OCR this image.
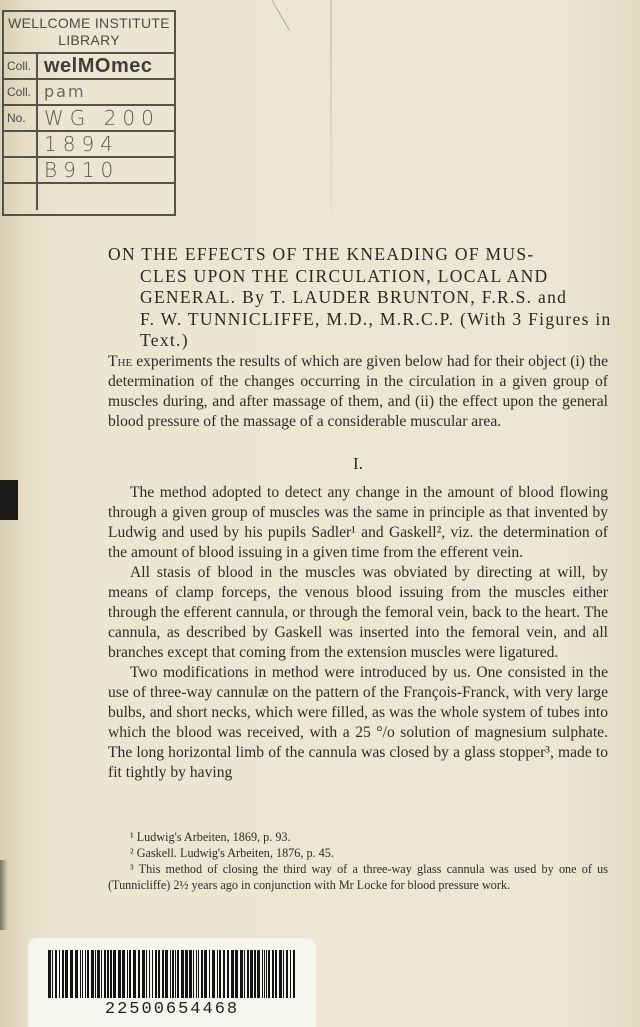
WELLCOME INSTITUTE
LIBRARY
Coll. welMOmec
Coll. pam
No. WG 200
1894
B910
ON THE EFFECTS OF THE KNEADING OF MUS-
CLES UPON THE CIRCULATION, LOCAL AND
GENERAL. By T. LAUDER BRUNTON, F.R.S. and
F. W. TUNNICLIFFE, M.D., M.R.C.P. (With 3 Figures in
Text.)

The experiments the results of which are given below had for their object (i) the determination of the changes occurring in the circulation in a given group of muscles during, and after massage of them, and (ii) the effect upon the general blood pressure of the massage of a considerable muscular area.

I.

The method adopted to detect any change in the amount of blood flowing through a given group of muscles was the same in principle as that invented by Ludwig and used by his pupils Sadler¹ and Gaskell², viz. the determination of the amount of blood issuing in a given time from the efferent vein.

All stasis of blood in the muscles was obviated by directing at will, by means of clamp forceps, the venous blood issuing from the muscles either through the efferent cannula, or through the femoral vein, back to the heart. The cannula, as described by Gaskell was inserted into the femoral vein, and all branches except that coming from the extension muscles were ligatured.

Two modifications in method were introduced by us. One consisted in the use of three-way cannulæ on the pattern of the François-Franck, with very large bulbs, and short necks, which were filled, as was the whole system of tubes into which the blood was received, with a 25 °/o solution of magnesium sulphate. The long horizontal limb of the cannula was closed by a glass stopper³, made to fit tightly by having

¹ Ludwig's Arbeiten, 1869, p. 93.
² Gaskell. Ludwig's Arbeiten, 1876, p. 45.
³ This method of closing the third way of a three-way glass cannula was used by one of us (Tunnicliffe) 2½ years ago in conjunction with Mr Locke for blood pressure work.
22500654468
